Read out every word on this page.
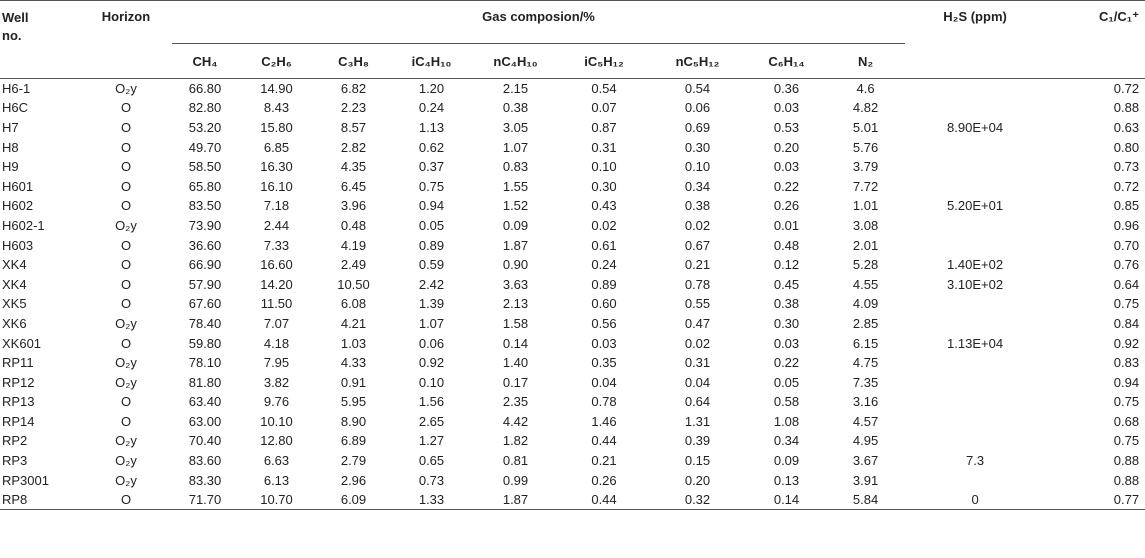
Well no.	Horizon	Gas composion/%									H₂S (ppm)	C₁/C₁⁺
		CH₄	C₂H₆	C₃H₈	iC₄H₁₀	nC₄H₁₀	iC₅H₁₂	nC₅H₁₂	C₆H₁₄	N₂		
H6-1	O₂y	66.80	14.90	6.82	1.20	2.15	0.54	0.54	0.36	4.6		0.72
H6C	O	82.80	8.43	2.23	0.24	0.38	0.07	0.06	0.03	4.82		0.88
H7	O	53.20	15.80	8.57	1.13	3.05	0.87	0.69	0.53	5.01	8.90E+04	0.63
H8	O	49.70	6.85	2.82	0.62	1.07	0.31	0.30	0.20	5.76		0.80
H9	O	58.50	16.30	4.35	0.37	0.83	0.10	0.10	0.03	3.79		0.73
H601	O	65.80	16.10	6.45	0.75	1.55	0.30	0.34	0.22	7.72		0.72
H602	O	83.50	7.18	3.96	0.94	1.52	0.43	0.38	0.26	1.01	5.20E+01	0.85
H602-1	O₂y	73.90	2.44	0.48	0.05	0.09	0.02	0.02	0.01	3.08		0.96
H603	O	36.60	7.33	4.19	0.89	1.87	0.61	0.67	0.48	2.01		0.70
XK4	O	66.90	16.60	2.49	0.59	0.90	0.24	0.21	0.12	5.28	1.40E+02	0.76
XK4	O	57.90	14.20	10.50	2.42	3.63	0.89	0.78	0.45	4.55	3.10E+02	0.64
XK5	O	67.60	11.50	6.08	1.39	2.13	0.60	0.55	0.38	4.09		0.75
XK6	O₂y	78.40	7.07	4.21	1.07	1.58	0.56	0.47	0.30	2.85		0.84
XK601	O	59.80	4.18	1.03	0.06	0.14	0.03	0.02	0.03	6.15	1.13E+04	0.92
RP11	O₂y	78.10	7.95	4.33	0.92	1.40	0.35	0.31	0.22	4.75		0.83
RP12	O₂y	81.80	3.82	0.91	0.10	0.17	0.04	0.04	0.05	7.35		0.94
RP13	O	63.40	9.76	5.95	1.56	2.35	0.78	0.64	0.58	3.16		0.75
RP14	O	63.00	10.10	8.90	2.65	4.42	1.46	1.31	1.08	4.57		0.68
RP2	O₂y	70.40	12.80	6.89	1.27	1.82	0.44	0.39	0.34	4.95		0.75
RP3	O₂y	83.60	6.63	2.79	0.65	0.81	0.21	0.15	0.09	3.67	7.3	0.88
RP3001	O₂y	83.30	6.13	2.96	0.73	0.99	0.26	0.20	0.13	3.91		0.88
RP8	O	71.70	10.70	6.09	1.33	1.87	0.44	0.32	0.14	5.84	0	0.77
